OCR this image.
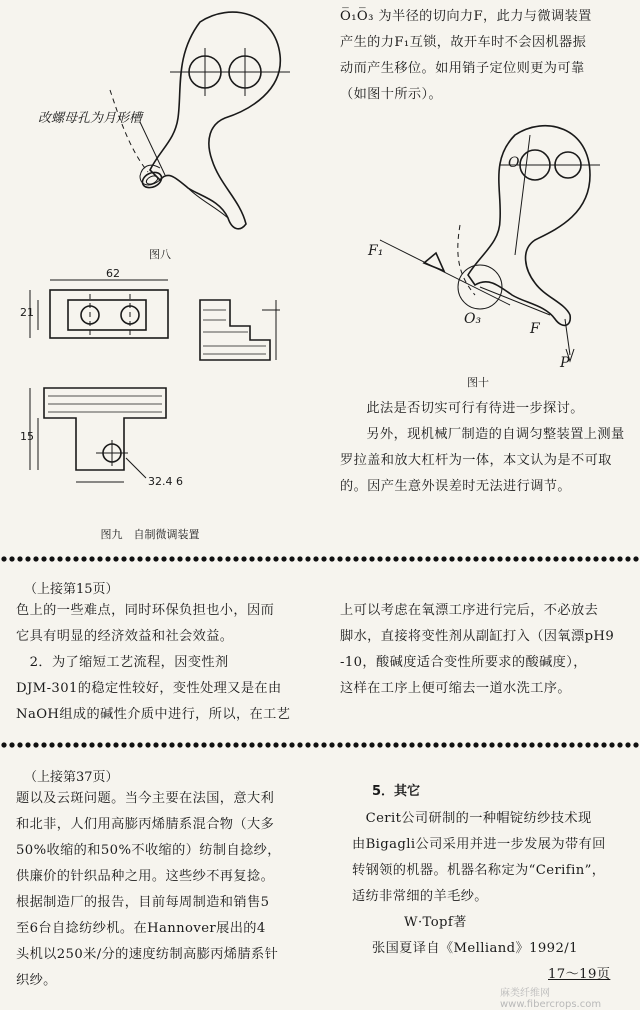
O̅₁O̅₃ 为半径的切向力F，此力与微调装置
产生的力F₁互锁，故开车时不会因机器振
动而产生移位。如用销子定位则更为可靠
（如图十所示）。
改螺母孔为月形槽
图八
62
21
15
32.4 6
图九　自制微调装置
O
O₃
F₁
F
P
图十

此法是否切实可行有待进一步探讨。

另外，现机械厂制造的自调匀整装置上测量罗拉盖和放大杠杆为一体，本文认为是不可取的。因产生意外误差时无法进行调节。

（上接第15页）
色上的一些难点，同时环保负担也小，因而
它具有明显的经济效益和社会效益。
　2．为了缩短工艺流程，因变性剂
DJM-301的稳定性较好，变性处理又是在由
NaOH组成的碱性介质中进行，所以，在工艺
上可以考虑在氧漂工序进行完后，不必放去
脚水，直接将变性剂从副缸打入（因氧漂pH9
-10，酸碱度适合变性所要求的酸碱度），
这样在工序上便可缩去一道水洗工序。
（上接第37页）
题以及云斑问题。当今主要在法国，意大利
和北非，人们用高膨丙烯腈系混合物（大多
50%收缩的和50%不收缩的）纺制自捻纱，
供廉价的针织品种之用。这些纱不再复捻。
根据制造厂的报告，目前每周制造和销售5
至6台自捻纺纱机。在Hannover展出的4
头机以250米/分的速度纺制高膨丙烯腈系针
织纱。
5．其它
　Cerit公司研制的一种帽锭纺纱技术现
由Bigagli公司采用并进一步发展为带有回
转钢领的机器。机器名称定为“Cerifin”，
适纺非常细的羊毛纱。
W·Topf著
张国夏译自《Melliand》1992/1
17～19页
麻类纤维网 www.fibercrops.com
